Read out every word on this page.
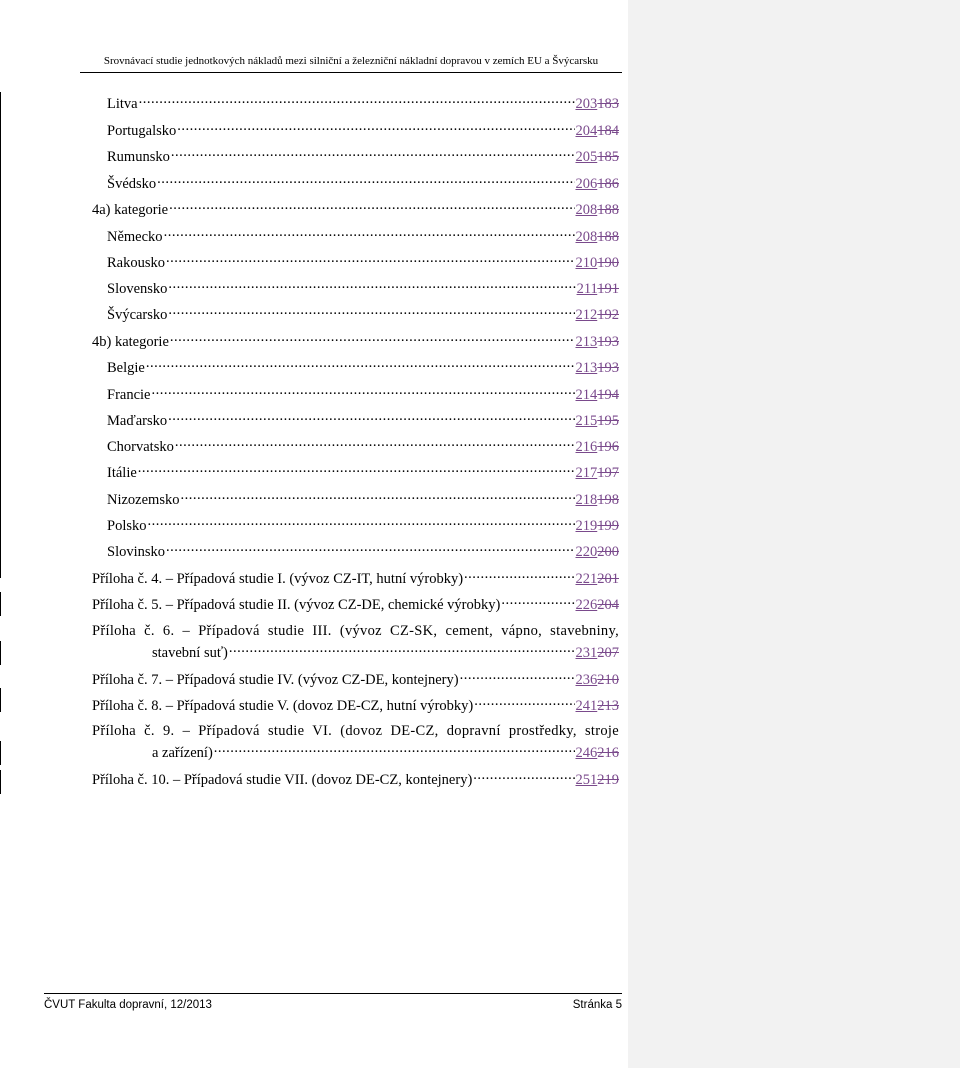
Srovnávací studie jednotkových nákladů mezi silniční a železniční nákladní dopravou v zemích EU a Švýcarsku
Litva .....	203183
Portugalsko .....	204184
Rumunsko .....	205185
Švédsko .....	206186
4a) kategorie .....	208188
Německo .....	208188
Rakousko .....	210190
Slovensko .....	211191
Švýcarsko .....	212192
4b) kategorie .....	213193
Belgie .....	213193
Francie .....	214194
Maďarsko .....	215195
Chorvatsko .....	216196
Itálie .....	217197
Nizozemsko .....	218198
Polsko .....	219199
Slovinsko .....	220200
Příloha č. 4. – Případová studie I. (vývoz CZ-IT, hutní výrobky) .....	221201
Příloha č. 5. – Případová studie II. (vývoz CZ-DE, chemické výrobky) .....	226204
Příloha č. 6. – Případová studie III. (vývoz CZ-SK, cement, vápno, stavebniny,
stavební suť) .....	231207
Příloha č. 7. – Případová studie IV. (vývoz CZ-DE, kontejnery) .....	236210
Příloha č. 8. – Případová studie V. (dovoz DE-CZ, hutní výrobky) .....	241213
Příloha č. 9. – Případová studie VI. (dovoz DE-CZ, dopravní prostředky, stroje
a zařízení) .....	246216
Příloha č. 10. – Případová studie VII. (dovoz DE-CZ, kontejnery) .....	251219
ČVUT Fakulta dopravní, 12/2013	Stránka 5
